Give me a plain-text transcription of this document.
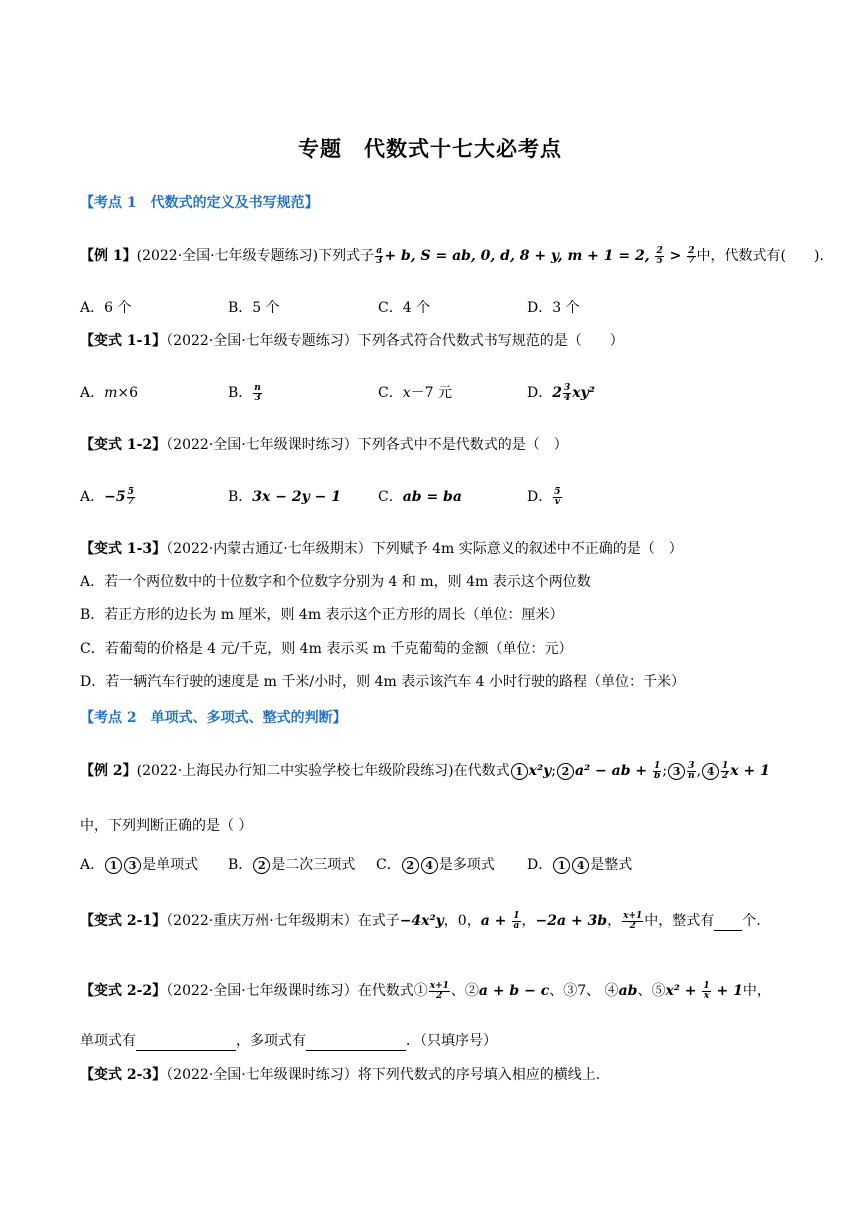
专题　代数式十七大必考点
【考点 1　代数式的定义及书写规范】
【例 1】(2022·全国·七年级专题练习)下列式子 $\frac{a}{3} + b$, S = ab, 0, d, 8 + y, m + 1 = 2, $\frac{2}{5} > \frac{2}{7}$ 中，代数式有(　　).
A．6 个	B．5 个	C．4 个	D．3 个
【变式 1-1】（2022·全国·七年级专题练习）下列各式符合代数式书写规范的是（　　）
A．m×6	B． $\frac{n}{3}$	C．x－7 元	D．$2 \frac{3}{4} xy^2$
【变式 1-2】（2022·全国·七年级课时练习）下列各式中不是代数式的是（　）
A．$-5 \frac{5}{7}$	B．3x − 2y − 1	C．ab = ba	D． $\frac{5}{v}$
【变式 1-3】（2022·内蒙古通辽·七年级期末）下列赋予 4m 实际意义的叙述中不正确的是（　）
A．若一个两位数中的十位数字和个位数字分别为 4 和 m，则 4m 表示这个两位数
B．若正方形的边长为 m 厘米，则 4m 表示这个正方形的周长（单位：厘米）
C．若葡萄的价格是 4 元/千克，则 4m 表示买 m 千克葡萄的金额（单位：元）
D．若一辆汽车行驶的速度是 m 千米/小时，则 4m 表示该汽车 4 小时行驶的路程（单位：千米）
【考点 2　单项式、多项式、整式的判断】
【例 2】(2022·上海民办行知二中实验学校七年级阶段练习)在代数式 1 x²y; 2 a² − ab + $\frac{1}{b}$ ; $3 \frac{3}{n}$ , $4 \frac{1}{2}$ x + 1
中，下列判断正确的是（ ）
A． 1 3 是单项式 B． 2 是二次三项式 C． 2 4 是多项式 D． 1 4 是整式
【变式 2-1】（2022·重庆万州·七年级期末）在式子−4x²y，0，$a + \frac{1}{a}$ ，−2a + 3b， $\frac{x+1}{2}$ 中，整式有 个.
【变式 2-2】（2022·全国·七年级课时练习）在代数式① $\frac{x+1}{2}$ 、②a + b − c、③7、 ④ab、⑤x² + $\frac{1}{x} + 1$中，
单项式有	，多项式有	．（只填序号）
【变式 2-3】（2022·全国·七年级课时练习）将下列代数式的序号填入相应的横线上.
